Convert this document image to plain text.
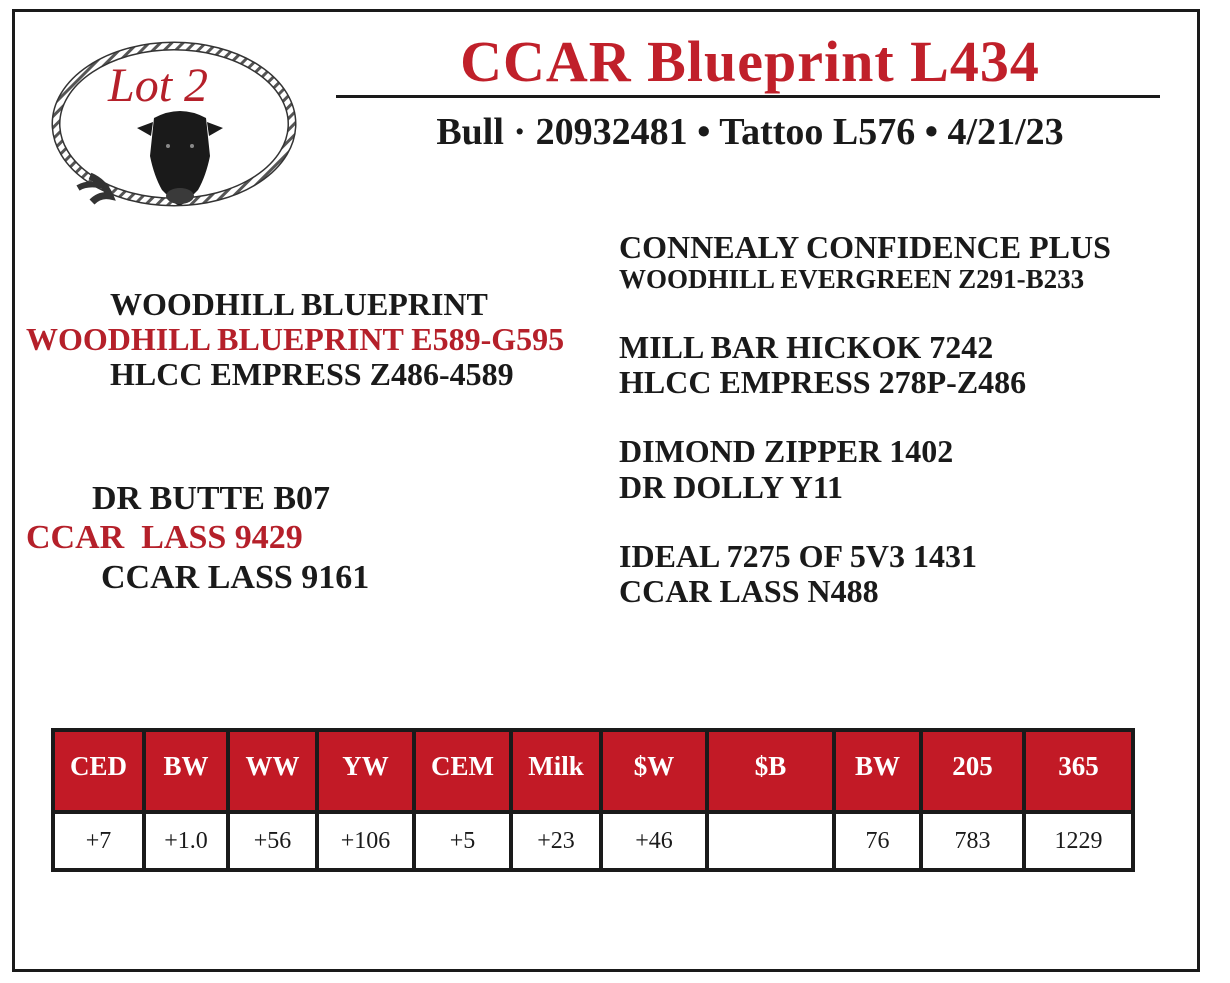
Lot 2	CCAR Blueprint L434
Bull · 20932481 • Tattoo L576 • 4/21/23
WOODHILL BLUEPRINT
WOODHILL BLUEPRINT E589-G595
HLCC EMPRESS Z486-4589
DR BUTTE B07
CCAR  LASS 9429
CCAR LASS 9161
CONNEALY CONFIDENCE PLUS
WOODHILL EVERGREEN Z291-B233
MILL BAR HICKOK 7242
HLCC EMPRESS 278P-Z486
DIMOND ZIPPER 1402
DR DOLLY Y11
IDEAL 7275 OF 5V3 1431
CCAR LASS N488
CED	BW	WW	YW	CEM	Milk	$W	$B	BW	205	365
+7	+1.0	+56	+106	+5	+23	+46		76	783	1229
